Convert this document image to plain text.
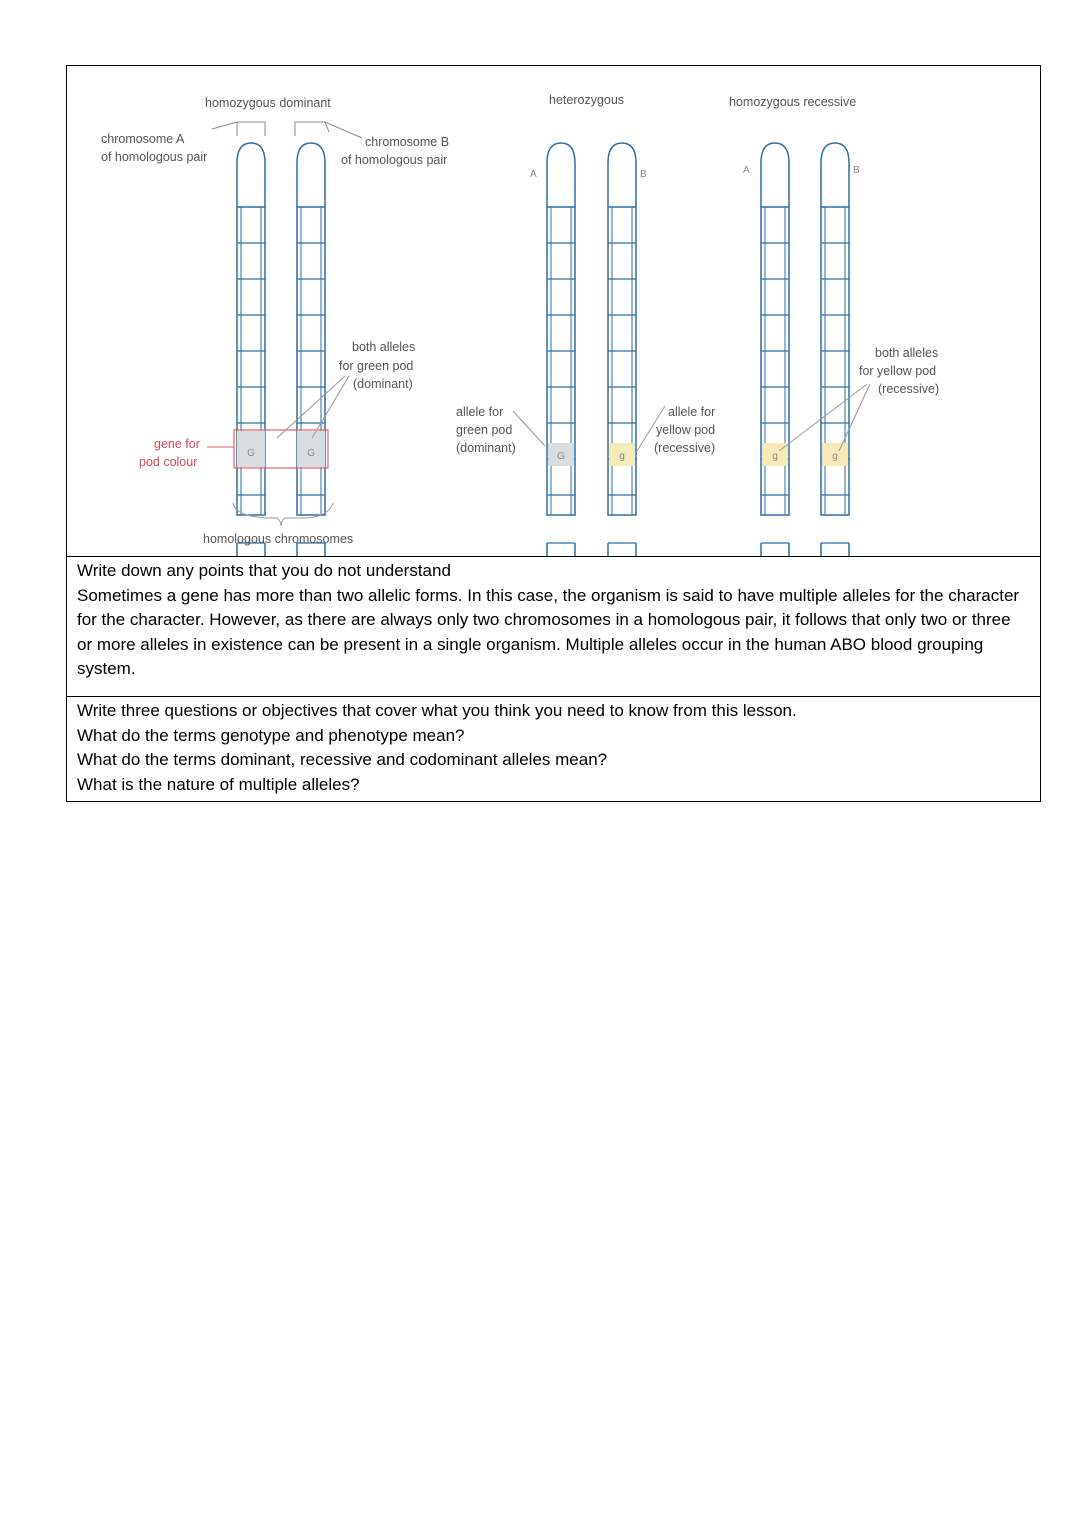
homozygous dominant	heterozygous	homozygous recessive
G	G
chromosome A
of homologous pair
chromosome B
of homologous pair
both alleles
for green pod
(dominant)
gene for
pod colour
homologous chromosomes
G	g
A	B
allele for
green pod
(dominant)
allele for
yellow pod
(recessive)
g	g
A	B
both alleles
for yellow pod
(recessive)

Write down any points that you do not understand

Sometimes a gene has more than two allelic forms. In this case, the organism is said to have multiple alleles for the character for the character. However, as there are always only two chromosomes in a homologous pair, it follows that only two or three or more alleles in existence can be present in a single organism. Multiple alleles occur in the human ABO blood grouping system.

Write three questions or objectives that cover what you think you need to know from this lesson.

What do the terms genotype and phenotype mean?

What do the terms dominant, recessive and codominant alleles mean?

What is the nature of multiple alleles?
